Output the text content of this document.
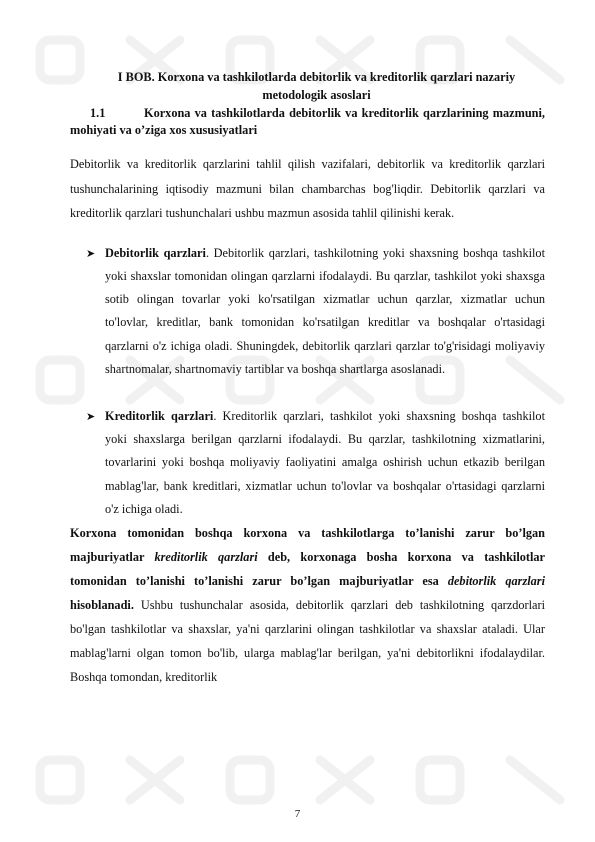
I BOB. Korxona va tashkilotlarda debitorlik va kreditorlik qarzlari nazariy metodologik asoslari

1.1	Korxona va tashkilotlarda debitorlik va kreditorlik qarzlarining mazmuni, mohiyati va o’ziga xos xususiyatlari

Debitorlik va kreditorlik qarzlarini tahlil qilish vazifalari, debitorlik va kreditorlik qarzlari tushunchalarining iqtisodiy mazmuni bilan chambarchas bog'liqdir. Debitorlik qarzlari va kreditorlik qarzlari tushunchalari ushbu mazmun asosida tahlil qilinishi kerak.

➤ Debitorlik qarzlari. Debitorlik qarzlari, tashkilotning yoki shaxsning boshqa tashkilot yoki shaxslar tomonidan olingan qarzlarni ifodalaydi. Bu qarzlar, tashkilot yoki shaxsga sotib olingan tovarlar yoki ko'rsatilgan xizmatlar uchun qarzlar, xizmatlar uchun to'lovlar, kreditlar, bank tomonidan ko'rsatilgan kreditlar va boshqalar o'rtasidagi qarzlarni o'z ichiga oladi. Shuningdek, debitorlik qarzlari qarzlar to'g'risidagi moliyaviy shartnomalar, shartnomaviy tartiblar va boshqa shartlarga asoslanadi.
➤ Kreditorlik qarzlari. Kreditorlik qarzlari, tashkilot yoki shaxsning boshqa tashkilot yoki shaxslarga berilgan qarzlarni ifodalaydi. Bu qarzlar, tashkilotning xizmatlarini, tovarlarini yoki boshqa moliyaviy faoliyatini amalga oshirish uchun etkazib berilgan mablag'lar, bank kreditlari, xizmatlar uchun to'lovlar va boshqalar o'rtasidagi qarzlarni o'z ichiga oladi.

Korxona tomonidan boshqa korxona va tashkilotlarga to’lanishi zarur bo’lgan majburiyatlar kreditorlik qarzlari deb, korxonaga bosha korxona va tashkilotlar tomonidan to’lanishi to’lanishi zarur bo’lgan majburiyatlar esa debitorlik qarzlari hisoblanadi. Ushbu tushunchalar asosida, debitorlik qarzlari deb tashkilotning qarzdorlari bo'lgan tashkilotlar va shaxslar, ya'ni qarzlarini olingan tashkilotlar va shaxslar ataladi. Ular mablag'larni olgan tomon bo'lib, ularga mablag'lar berilgan, ya'ni debitorlikni ifodalaydilar. Boshqa tomondan, kreditorlik

7
